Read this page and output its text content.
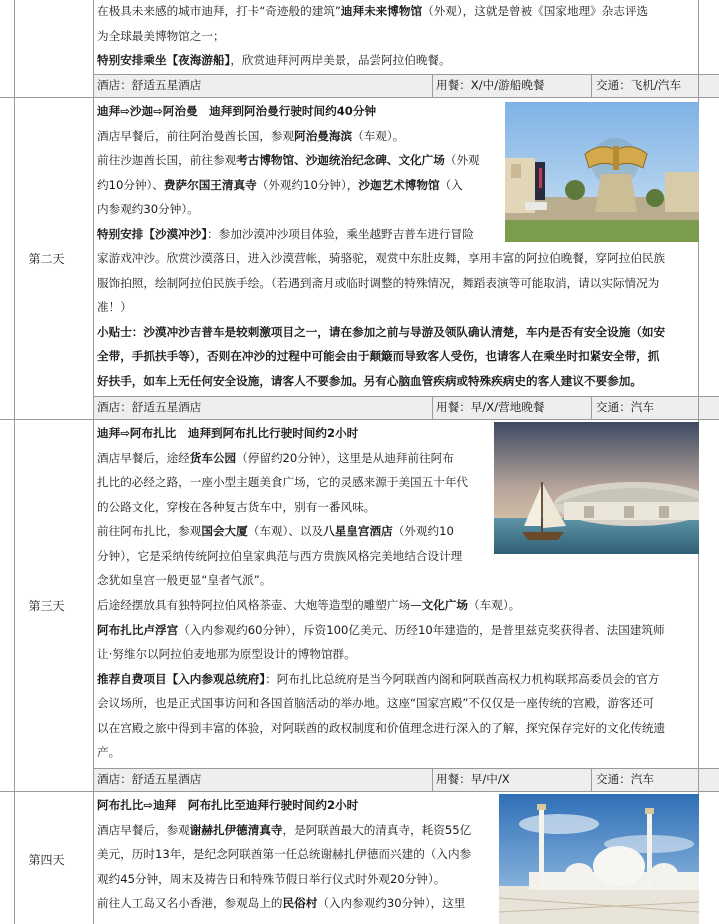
在极具未来感的城市迪拜，打卡“奇迹般的建筑”迪拜未来博物馆（外观），这就是曾被《国家地理》杂志评选

为全球最美博物馆之一；

特别安排乘坐【夜海游船】，欣赏迪拜河两岸美景，品尝阿拉伯晚餐。

酒店：舒适五星酒店	用餐：X/中/游船晚餐	交通：飞机/汽车
第二天

迪拜⇨沙迦⇨阿治曼　迪拜到阿治曼行驶时间约40分钟

酒店早餐后，前往阿治曼酋长国，参观阿治曼海滨（车观）。

前往沙迦酋长国，前往参观考古博物馆、沙迦统治纪念碑、文化广场（外观

约10分钟）、费萨尔国王清真寺（外观约10分钟），沙迦艺术博物馆（入

内参观约30分钟）。

特别安排【沙漠冲沙】：参加沙漠冲沙项目体验，乘坐越野吉普车进行冒险

家游戏冲沙。欣赏沙漠落日，进入沙漠营帐，骑骆驼，观赏中东肚皮舞，享用丰富的阿拉伯晚餐，穿阿拉伯民族

服饰拍照，绘制阿拉伯民族手绘。（若遇到斋月或临时调整的特殊情况，舞蹈表演等可能取消，请以实际情况为

准！）

小贴士：沙漠冲沙吉普车是较刺激项目之一，请在参加之前与导游及领队确认清楚，车内是否有安全设施（如安

全带，手抓扶手等），否则在冲沙的过程中可能会由于颠簸而导致客人受伤，也请客人在乘坐时扣紧安全带，抓

好扶手，如车上无任何安全设施，请客人不要参加。另有心脑血管疾病或特殊疾病史的客人建议不要参加。

酒店：舒适五星酒店	用餐：早/X/营地晚餐	交通：汽车
第三天

迪拜⇨阿布扎比　迪拜到阿布扎比行驶时间约2小时

酒店早餐后，途经货车公园（停留约20分钟），这里是从迪拜前往阿布

扎比的必经之路，一座小型主题美食广场，它的灵感来源于美国五十年代

的公路文化，穿梭在各种复古货车中，别有一番风味。

前往阿布扎比，参观国会大厦（车观）、以及八星皇宫酒店（外观约10

分钟），它是采纳传统阿拉伯皇家典范与西方贵族风格完美地结合设计理

念犹如皇宫一般更显“皇者气派”。

后途经摆放具有独特阿拉伯风格茶壶、大炮等造型的雕塑广场—文化广场（车观）。

阿布扎比卢浮宫（入内参观约60分钟），斥资100亿美元、历经10年建造的，是普里兹克奖获得者、法国建筑师

让·努维尔以阿拉伯麦地那为原型设计的博物馆群。

推荐自费项目【入内参观总统府】：阿布扎比总统府是当今阿联酋内阁和阿联酋高权力机构联邦高委员会的官方

会议场所，也是正式国事访问和各国首脑活动的举办地。这座“国家宫殿”不仅仅是一座传统的宫殿，游客还可

以在宫殿之旅中得到丰富的体验，对阿联酋的政权制度和价值理念进行深入的了解，探究保存完好的文化传统遗

产。

酒店：舒适五星酒店	用餐：早/中/X	交通：汽车
第四天

阿布扎比⇨迪拜　阿布扎比至迪拜行驶时间约2小时

酒店早餐后，参观谢赫扎伊德清真寺，是阿联酋最大的清真寺，耗资55亿

美元，历时13年，是纪念阿联酋第一任总统谢赫扎伊德而兴建的（入内参

观约45分钟，周末及祷告日和特殊节假日举行仪式时外观20分钟）。

前往人工岛又名小香港，参观岛上的民俗村（入内参观约30分钟），这里
